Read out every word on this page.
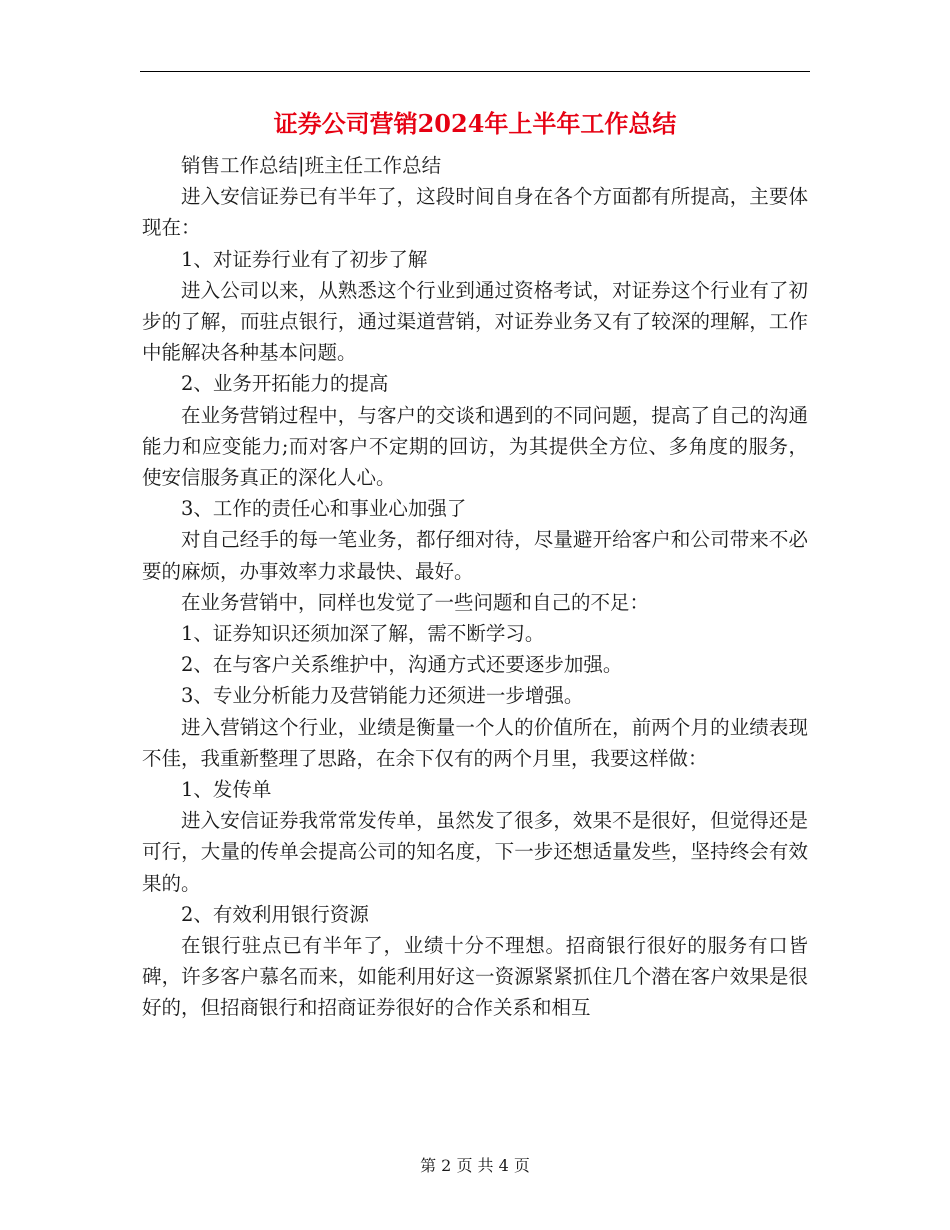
证券公司营销2024年上半年工作总结

销售工作总结|班主任工作总结

进入安信证券已有半年了，这段时间自身在各个方面都有所提高，主要体现在：

1、对证券行业有了初步了解

进入公司以来，从熟悉这个行业到通过资格考试，对证券这个行业有了初步的了解，而驻点银行，通过渠道营销，对证券业务又有了较深的理解，工作中能解决各种基本问题。

2、业务开拓能力的提高

在业务营销过程中，与客户的交谈和遇到的不同问题，提高了自己的沟通能力和应变能力;而对客户不定期的回访，为其提供全方位、多角度的服务，使安信服务真正的深化人心。

3、工作的责任心和事业心加强了

对自己经手的每一笔业务，都仔细对待，尽量避开给客户和公司带来不必要的麻烦，办事效率力求最快、最好。

在业务营销中，同样也发觉了一些问题和自己的不足：

1、证券知识还须加深了解，需不断学习。

2、在与客户关系维护中，沟通方式还要逐步加强。

3、专业分析能力及营销能力还须进一步增强。

进入营销这个行业，业绩是衡量一个人的价值所在，前两个月的业绩表现不佳，我重新整理了思路，在余下仅有的两个月里，我要这样做：

1、发传单

进入安信证券我常常发传单，虽然发了很多，效果不是很好，但觉得还是可行，大量的传单会提高公司的知名度，下一步还想适量发些，坚持终会有效果的。

2、有效利用银行资源

在银行驻点已有半年了，业绩十分不理想。招商银行很好的服务有口皆碑，许多客户慕名而来，如能利用好这一资源紧紧抓住几个潜在客户效果是很好的，但招商银行和招商证券很好的合作关系和相互

第 2 页 共 4 页
